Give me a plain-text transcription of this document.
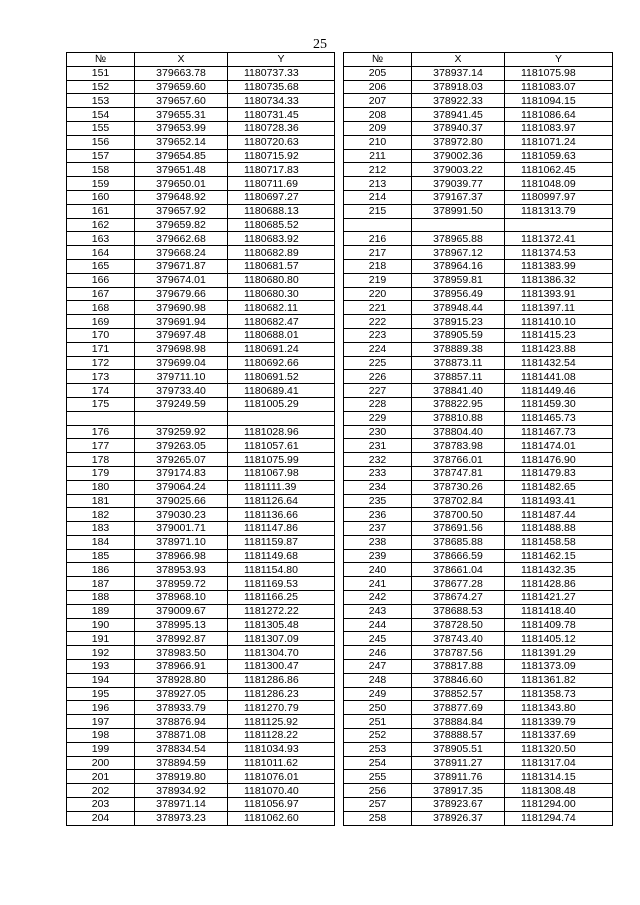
25
№	X	Y
151	379663.78	1180737.33
152	379659.60	1180735.68
153	379657.60	1180734.33
154	379655.31	1180731.45
155	379653.99	1180728.36
156	379652.14	1180720.63
157	379654.85	1180715.92
158	379651.48	1180717.83
159	379650.01	1180711.69
160	379648.92	1180697.27
161	379657.92	1180688.13
162	379659.82	1180685.52
163	379662.68	1180683.92
164	379668.24	1180682.89
165	379671.87	1180681.57
166	379674.01	1180680.80
167	379679.66	1180680.30
168	379690.98	1180682.11
169	379691.94	1180682.47
170	379697.48	1180688.01
171	379698.98	1180691.24
172	379699.04	1180692.66
173	379711.10	1180691.52
174	379733.40	1180689.41
175	379249.59	1181005.29

176	379259.92	1181028.96
177	379263.05	1181057.61
178	379265.07	1181075.99
179	379174.83	1181067.98
180	379064.24	1181111.39
181	379025.66	1181126.64
182	379030.23	1181136.66
183	379001.71	1181147.86
184	378971.10	1181159.87
185	378966.98	1181149.68
186	378953.93	1181154.80
187	378959.72	1181169.53
188	378968.10	1181166.25
189	379009.67	1181272.22
190	378995.13	1181305.48
191	378992.87	1181307.09
192	378983.50	1181304.70
193	378966.91	1181300.47
194	378928.80	1181286.86
195	378927.05	1181286.23
196	378933.79	1181270.79
197	378876.94	1181125.92
198	378871.08	1181128.22
199	378834.54	1181034.93
200	378894.59	1181011.62
201	378919.80	1181076.01
202	378934.92	1181070.40
203	378971.14	1181056.97
204	378973.23	1181062.60
№	X	Y
205	378937.14	1181075.98
206	378918.03	1181083.07
207	378922.33	1181094.15
208	378941.45	1181086.64
209	378940.37	1181083.97
210	378972.80	1181071.24
211	379002.36	1181059.63
212	379003.22	1181062.45
213	379039.77	1181048.09
214	379167.37	1180997.97
215	378991.50	1181313.79

216	378965.88	1181372.41
217	378967.12	1181374.53
218	378964.16	1181383.99
219	378959.81	1181386.32
220	378956.49	1181393.91
221	378948.44	1181397.11
222	378915.23	1181410.10
223	378905.59	1181415.23
224	378889.38	1181423.88
225	378873.11	1181432.54
226	378857.11	1181441.08
227	378841.40	1181449.46
228	378822.95	1181459.30
229	378810.88	1181465.73
230	378804.40	1181467.73
231	378783.98	1181474.01
232	378766.01	1181476.90
233	378747.81	1181479.83
234	378730.26	1181482.65
235	378702.84	1181493.41
236	378700.50	1181487.44
237	378691.56	1181488.88
238	378685.88	1181458.58
239	378666.59	1181462.15
240	378661.04	1181432.35
241	378677.28	1181428.86
242	378674.27	1181421.27
243	378688.53	1181418.40
244	378728.50	1181409.78
245	378743.40	1181405.12
246	378787.56	1181391.29
247	378817.88	1181373.09
248	378846.60	1181361.82
249	378852.57	1181358.73
250	378877.69	1181343.80
251	378884.84	1181339.79
252	378888.57	1181337.69
253	378905.51	1181320.50
254	378911.27	1181317.04
255	378911.76	1181314.15
256	378917.35	1181308.48
257	378923.67	1181294.00
258	378926.37	1181294.74
